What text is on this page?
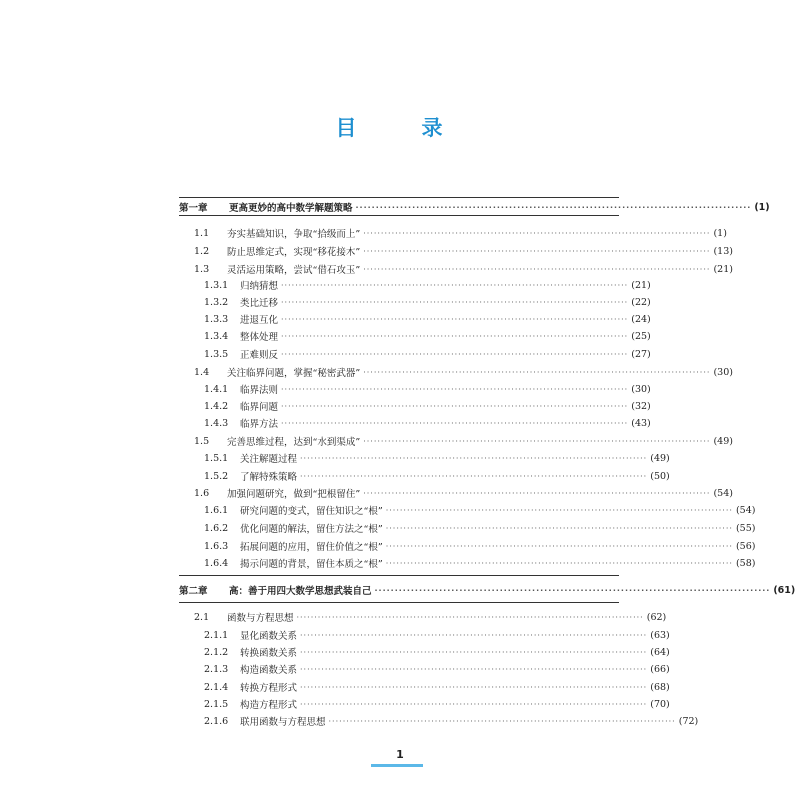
目　录
第一章	更高更妙的高中数学解题策略 ·································································································· (1)
1.1	夯实基础知识，争取“拾级而上” ·································································································· (1)
1.2	防止思维定式，实现“移花接木” ·································································································· (13)
1.3	灵活运用策略，尝试“借石攻玉” ·································································································· (21)
1.3.1	归纳猜想 ·································································································· (21)
1.3.2	类比迁移 ·································································································· (22)
1.3.3	进退互化 ·································································································· (24)
1.3.4	整体处理 ·································································································· (25)
1.3.5	正难则反 ·································································································· (27)
1.4	关注临界问题，掌握“秘密武器” ·································································································· (30)
1.4.1	临界法则 ·································································································· (30)
1.4.2	临界问题 ·································································································· (32)
1.4.3	临界方法 ·································································································· (43)
1.5	完善思维过程，达到“水到渠成” ·································································································· (49)
1.5.1	关注解题过程 ·································································································· (49)
1.5.2	了解特殊策略 ·································································································· (50)
1.6	加强问题研究，做到“把根留住” ·································································································· (54)
1.6.1	研究问题的变式，留住知识之“根” ·································································································· (54)
1.6.2	优化问题的解法，留住方法之“根” ·································································································· (55)
1.6.3	拓展问题的应用，留住价值之“根” ·································································································· (56)
1.6.4	揭示问题的背景，留住本质之“根” ·································································································· (58)
第二章	高：善于用四大数学思想武装自己 ·································································································· (61)
2.1	函数与方程思想 ·································································································· (62)
2.1.1	显化函数关系 ·································································································· (63)
2.1.2	转换函数关系 ·································································································· (64)
2.1.3	构造函数关系 ·································································································· (66)
2.1.4	转换方程形式 ·································································································· (68)
2.1.5	构造方程形式 ·································································································· (70)
2.1.6	联用函数与方程思想 ·································································································· (72)
1
